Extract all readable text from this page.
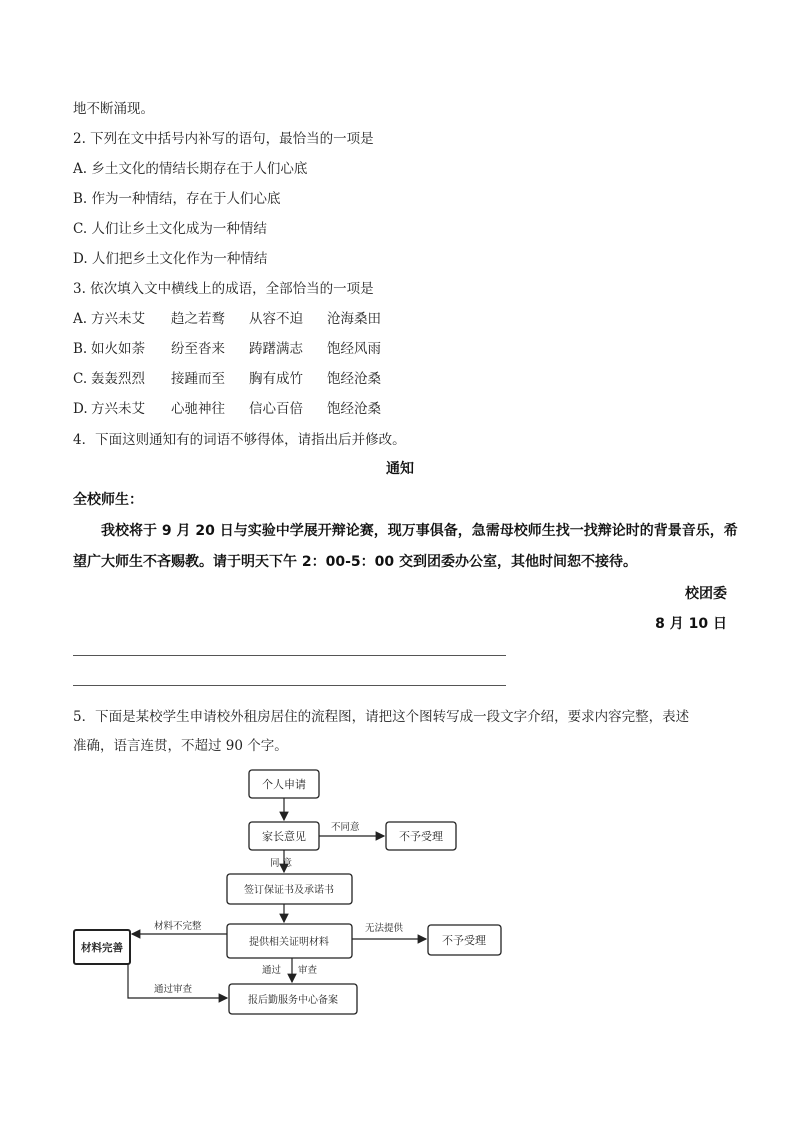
地不断涌现。
2. 下列在文中括号内补写的语句，最恰当的一项是
A. 乡土文化的情结长期存在于人们心底
B. 作为一种情结，存在于人们心底
C. 人们让乡土文化成为一种情结
D. 人们把乡土文化作为一种情结
3. 依次填入文中横线上的成语，全部恰当的一项是
A. 方兴未艾 趋之若鹜 从容不迫 沧海桑田
B. 如火如荼 纷至沓来 踌躇满志 饱经风雨
C. 轰轰烈烈 接踵而至 胸有成竹 饱经沧桑
D. 方兴未艾 心驰神往 信心百倍 饱经沧桑
4．下面这则通知有的词语不够得体，请指出后并修改。
通知
全校师生：
我校将于 9 月 20 日与实验中学展开辩论赛，现万事俱备，急需母校师生找一找辩论时的背景音乐，希
望广大师生不吝赐教。请于明天下午 2：00-5：00 交到团委办公室，其他时间恕不接待。
校团委
8 月 10 日
5．下面是某校学生申请校外租房居住的流程图，请把这个图转写成一段文字介绍，要求内容完整，表述
准确，语言连贯，不超过 90 个字。
个人申请
家长意见	不予受理
签订保证书及承诺书
提供相关证明材料	不予受理
材料完善
报后勤服务中心备案
不同意
同 意
材料不完整	无法提供
通过 审查
通过审查
